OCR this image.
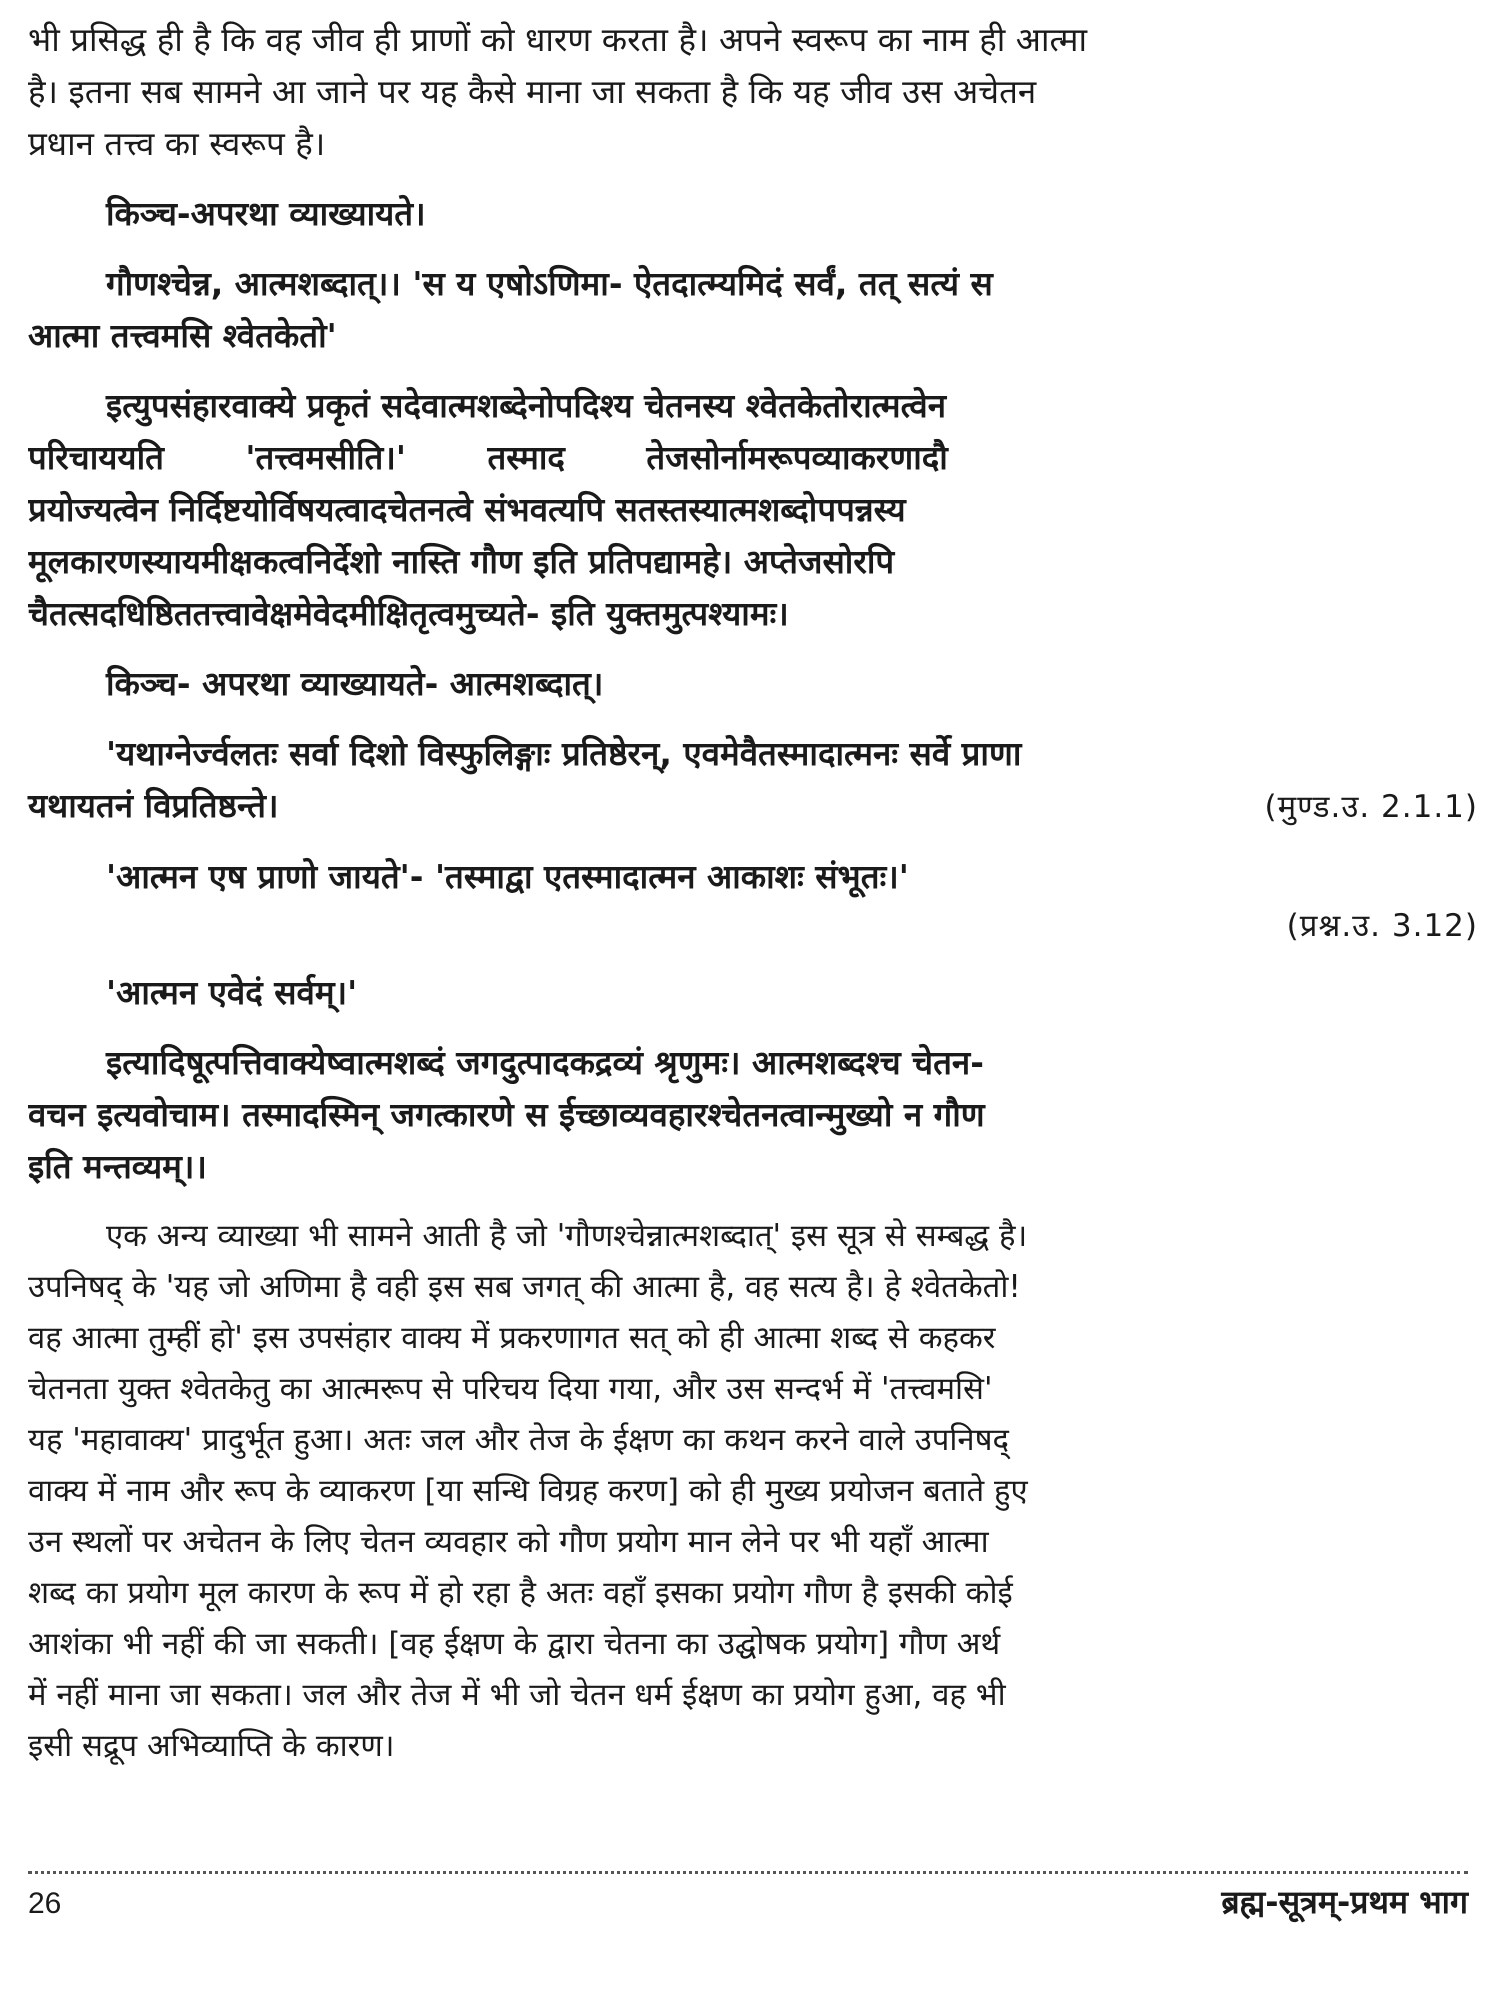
भी प्रसिद्ध ही है कि वह जीव ही प्राणों को धारण करता है। अपने स्वरूप का नाम ही आत्मा
है। इतना सब सामने आ जाने पर यह कैसे माना जा सकता है कि यह जीव उस अचेतन
प्रधान तत्त्व का स्वरूप है।

किञ्च-अपरथा व्याख्यायते।

गौणश्चेन्न, आत्मशब्दात्।। 'स य एषोऽणिमा- ऐतदात्म्यमिदं सर्वं, तत् सत्यं स
आत्मा तत्त्वमसि श्वेतकेतो'

इत्युपसंहारवाक्ये प्रकृतं सदेवात्मशब्देनोपदिश्य चेतनस्य श्वेतकेतोरात्मत्वेन
परिचाययति 'तत्त्वमसीति।' तस्माद तेजसोर्नामरूपव्याकरणादौ
प्रयोज्यत्वेन निर्दिष्टयोर्विषयत्वादचेतनत्वे संभवत्यपि सतस्तस्यात्मशब्दोपपन्नस्य
मूलकारणस्यायमीक्षकत्वनिर्देशो नास्ति गौण इति प्रतिपद्यामहे। अप्तेजसोरपि
चैतत्सदधिष्ठिततत्त्वावेक्षमेवेदमीक्षितृत्वमुच्यते- इति युक्तमुत्पश्यामः।

किञ्च- अपरथा व्याख्यायते- आत्मशब्दात्।

'यथाग्नेर्ज्वलतः सर्वा दिशो विस्फुलिङ्गाः प्रतिष्ठेरन्, एवमेवैतस्मादात्मनः सर्वे प्राणा
यथायतनं विप्रतिष्ठन्ते।	(मुण्ड.उ. 2.1.1)

'आत्मन एष प्राणो जायते'- 'तस्माद्वा एतस्मादात्मन आकाशः संभूतः।'

(प्रश्न.उ. 3.12)

'आत्मन एवेदं सर्वम्।'

इत्यादिषूत्पत्तिवाक्येष्वात्मशब्दं जगदुत्पादकद्रव्यं श्रृणुमः। आत्मशब्दश्च चेतन-
वचन इत्यवोचाम। तस्मादस्मिन् जगत्कारणे स ईच्छाव्यवहारश्चेतनत्वान्मुख्यो न गौण
इति मन्तव्यम्।।

एक अन्य व्याख्या भी सामने आती है जो 'गौणश्चेन्नात्मशब्दात्' इस सूत्र से सम्बद्ध है।
उपनिषद् के 'यह जो अणिमा है वही इस सब जगत् की आत्मा है, वह सत्य है। हे श्वेतकेतो!
वह आत्मा तुम्हीं हो' इस उपसंहार वाक्य में प्रकरणागत सत् को ही आत्मा शब्द से कहकर
चेतनता युक्त श्वेतकेतु का आत्मरूप से परिचय दिया गया, और उस सन्दर्भ में 'तत्त्वमसि'
यह 'महावाक्य' प्रादुर्भूत हुआ। अतः जल और तेज के ईक्षण का कथन करने वाले उपनिषद्
वाक्य में नाम और रूप के व्याकरण [या सन्धि विग्रह करण] को ही मुख्य प्रयोजन बताते हुए
उन स्थलों पर अचेतन के लिए चेतन व्यवहार को गौण प्रयोग मान लेने पर भी यहाँ आत्मा
शब्द का प्रयोग मूल कारण के रूप में हो रहा है अतः वहाँ इसका प्रयोग गौण है इसकी कोई
आशंका भी नहीं की जा सकती। [वह ईक्षण के द्वारा चेतना का उद्घोषक प्रयोग] गौण अर्थ
में नहीं माना जा सकता। जल और तेज में भी जो चेतन धर्म ईक्षण का प्रयोग हुआ, वह भी
इसी सद्रूप अभिव्याप्ति के कारण।

26	ब्रह्म-सूत्रम्-प्रथम भाग
